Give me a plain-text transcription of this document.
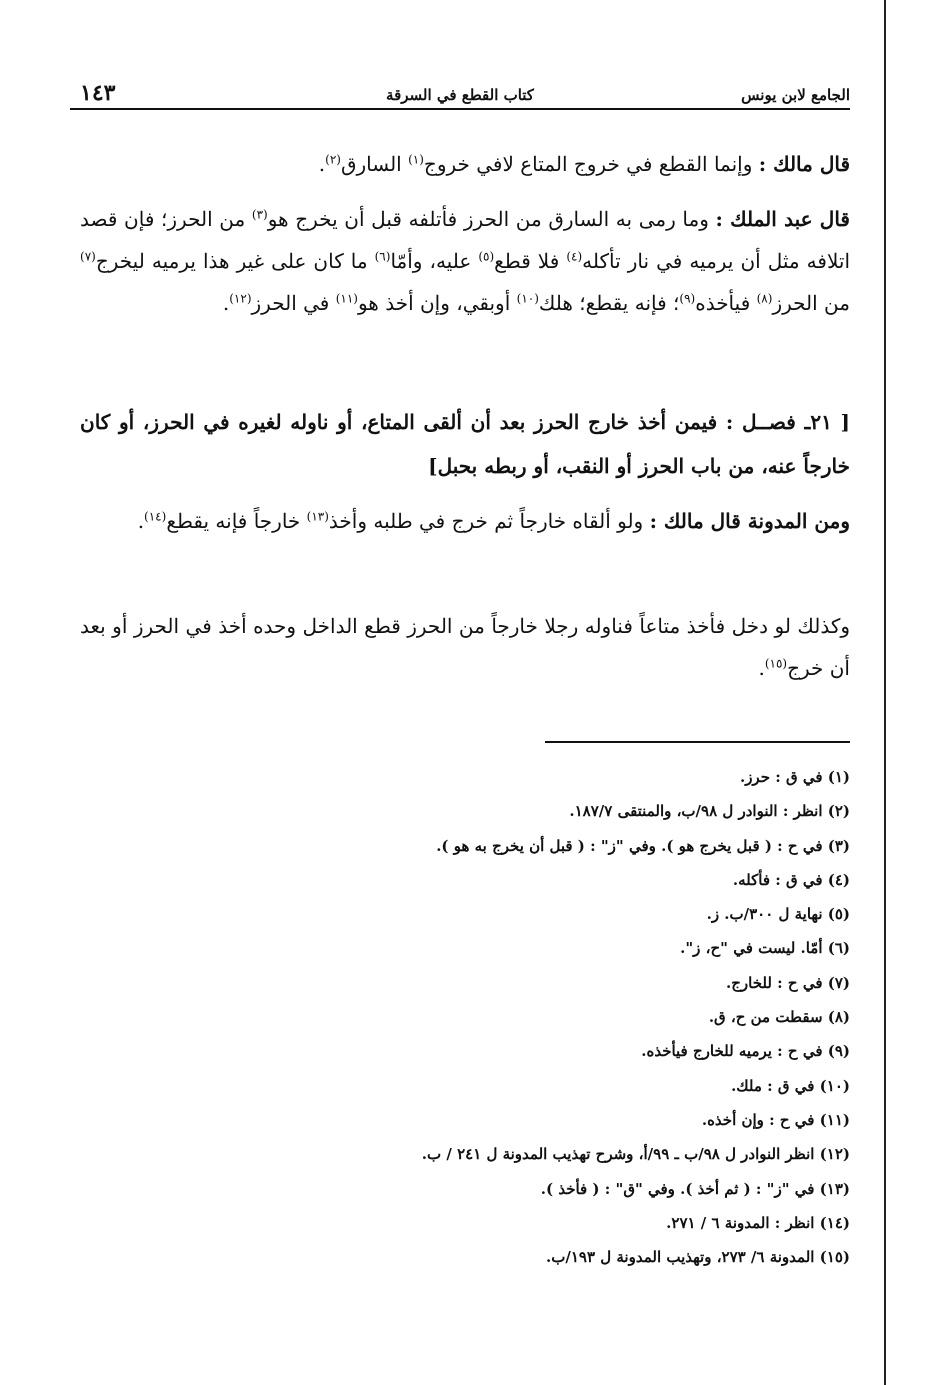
الجامع لابن يونس
كتاب القطع في السرقة
١٤٣
قال مالك : وإنما القطع في خروج المتاع لافي خروج$^{(١)}$ السارق$^{(٢)}$.
قال عبد الملك : وما رمى به السارق من الحرز فأتلفه قبل أن يخرج هو$^{(٣)}$ من الحرز؛ فإن قصد اتلافه مثل أن يرميه في نار تأكله$^{(٤)}$ فلا قطع$^{(٥)}$ عليه، وأمّا$^{(٦)}$ ما كان على غير هذا يرميه ليخرج$^{(٧)}$ من الحرز$^{(٨)}$ فيأخذه$^{(٩)}$؛ فإنه يقطع؛ هلك$^{(١٠)}$ أوبقي، وإن أخذ هو$^{(١١)}$ في الحرز$^{(١٢)}$.
[ ٢١ـ فصــل : فيمن أخذ خارج الحرز بعد أن ألقى المتاع، أو ناوله لغيره في الحرز، أو كان خارجاً عنه، من باب الحرز أو النقب، أو ربطه بحبل]
ومن المدونة قال مالك : ولو ألقاه خارجاً ثم خرج في طلبه وأخذ$^{(١٣)}$ خارجاً فإنه يقطع$^{(١٤)}$.
وكذلك لو دخل فأخذ متاعاً فناوله رجلا خارجاً من الحرز قطع الداخل وحده أخذ في الحرز أو بعد أن خرج$^{(١٥)}$.
(١) في ق : حرز.
(٢) انظر : النوادر ل ٩٨/ب، والمنتقى ١٨٧/٧.
(٣) في ح : ( قبل يخرج هو ). وفي "ز" : ( قبل أن يخرج به هو ).
(٤) في ق : فأكله.
(٥) نهاية ل ٣٠٠/ب. ز.
(٦) أمّا. ليست في "ح، ز".
(٧) في ح : للخارج.
(٨) سقطت من ح، ق.
(٩) في ح : يرميه للخارج فيأخذه.
(١٠) في ق : ملك.
(١١) في ح : وإن أخذه.
(١٢) انظر النوادر ل ٩٨/ب ـ ٩٩/أ، وشرح تهذيب المدونة ل ٢٤١ / ب.
(١٣) في "ز" : ( ثم أخذ ). وفي "ق" : ( فأخذ ).
(١٤) انظر : المدونة ٦ / ٢٧١.
(١٥) المدونة ٦/ ٢٧٣، وتهذيب المدونة ل ١٩٣/ب.
